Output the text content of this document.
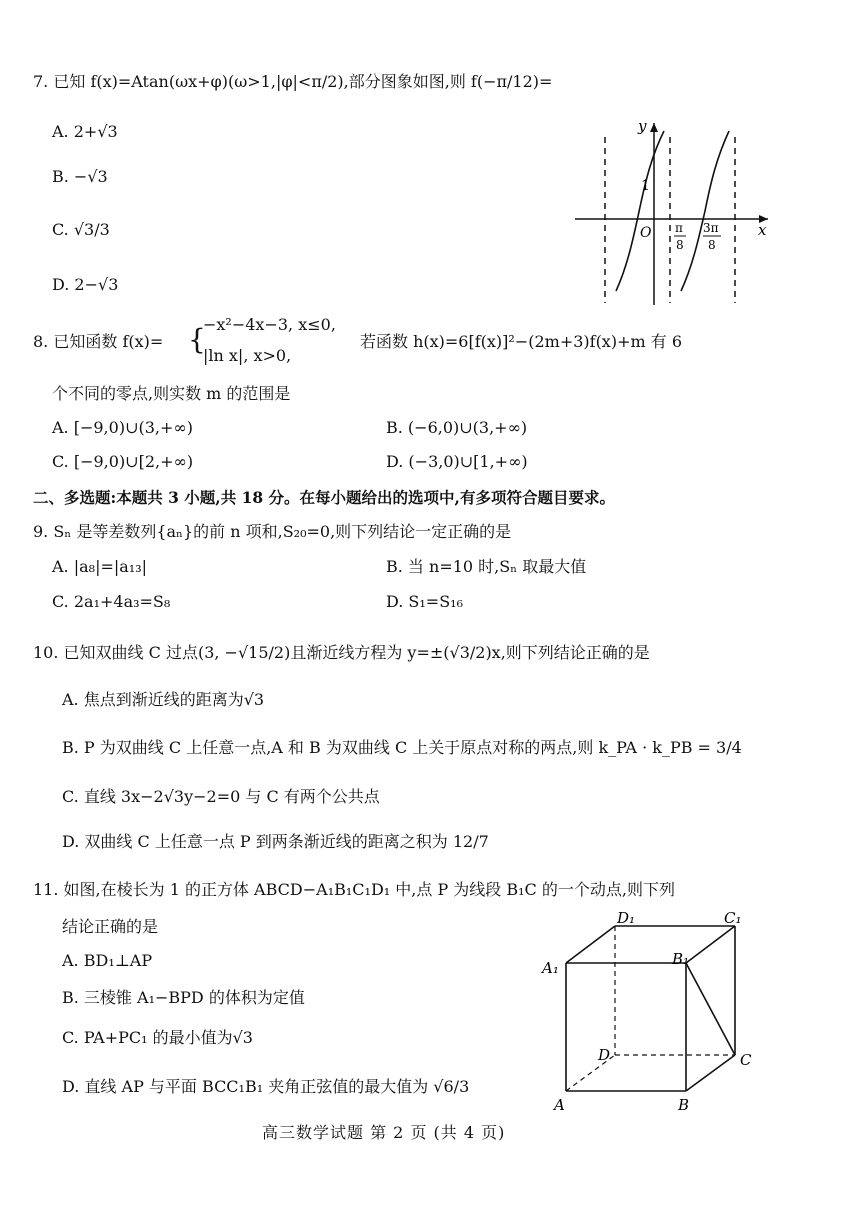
7. 已知 f(x)=Atan(ωx+φ)(ω>1,|φ|<π/2),部分图象如图,则 f(−π/12)=
A. 2+√3
B. −√3
C. √3/3
D. 2−√3
y
x
O
1
π
8
3π
8
8. 已知函数 f(x)= {
−x²−4x−3, x≤0,
|ln x|, x>0,
若函数 h(x)=6[f(x)]²−(2m+3)f(x)+m 有 6
个不同的零点,则实数 m 的范围是
A. [−9,0)∪(3,+∞)	B. (−6,0)∪(3,+∞)
C. [−9,0)∪[2,+∞)	D. (−3,0)∪[1,+∞)
二、多选题:本题共 3 小题,共 18 分。在每小题给出的选项中,有多项符合题目要求。
9. Sₙ 是等差数列{aₙ}的前 n 项和,S₂₀=0,则下列结论一定正确的是
A. |a₈|=|a₁₃|	B. 当 n=10 时,Sₙ 取最大值
C. 2a₁+4a₃=S₈	D. S₁=S₁₆
10. 已知双曲线 C 过点(3, −√15/2)且渐近线方程为 y=±(√3/2)x,则下列结论正确的是
A. 焦点到渐近线的距离为√3
B. P 为双曲线 C 上任意一点,A 和 B 为双曲线 C 上关于原点对称的两点,则 k_PA · k_PB = 3/4
C. 直线 3x−2√3y−2=0 与 C 有两个公共点
D. 双曲线 C 上任意一点 P 到两条渐近线的距离之积为 12/7
11. 如图,在棱长为 1 的正方体 ABCD−A₁B₁C₁D₁ 中,点 P 为线段 B₁C 的一个动点,则下列
结论正确的是
A. BD₁⊥AP
B. 三棱锥 A₁−BPD 的体积为定值
C. PA+PC₁ 的最小值为√3
D. 直线 AP 与平面 BCC₁B₁ 夹角正弦值的最大值为 √6/3
A	B
C
D
A₁	B₁
C₁
D₁
高三数学试题 第 2 页 (共 4 页)
